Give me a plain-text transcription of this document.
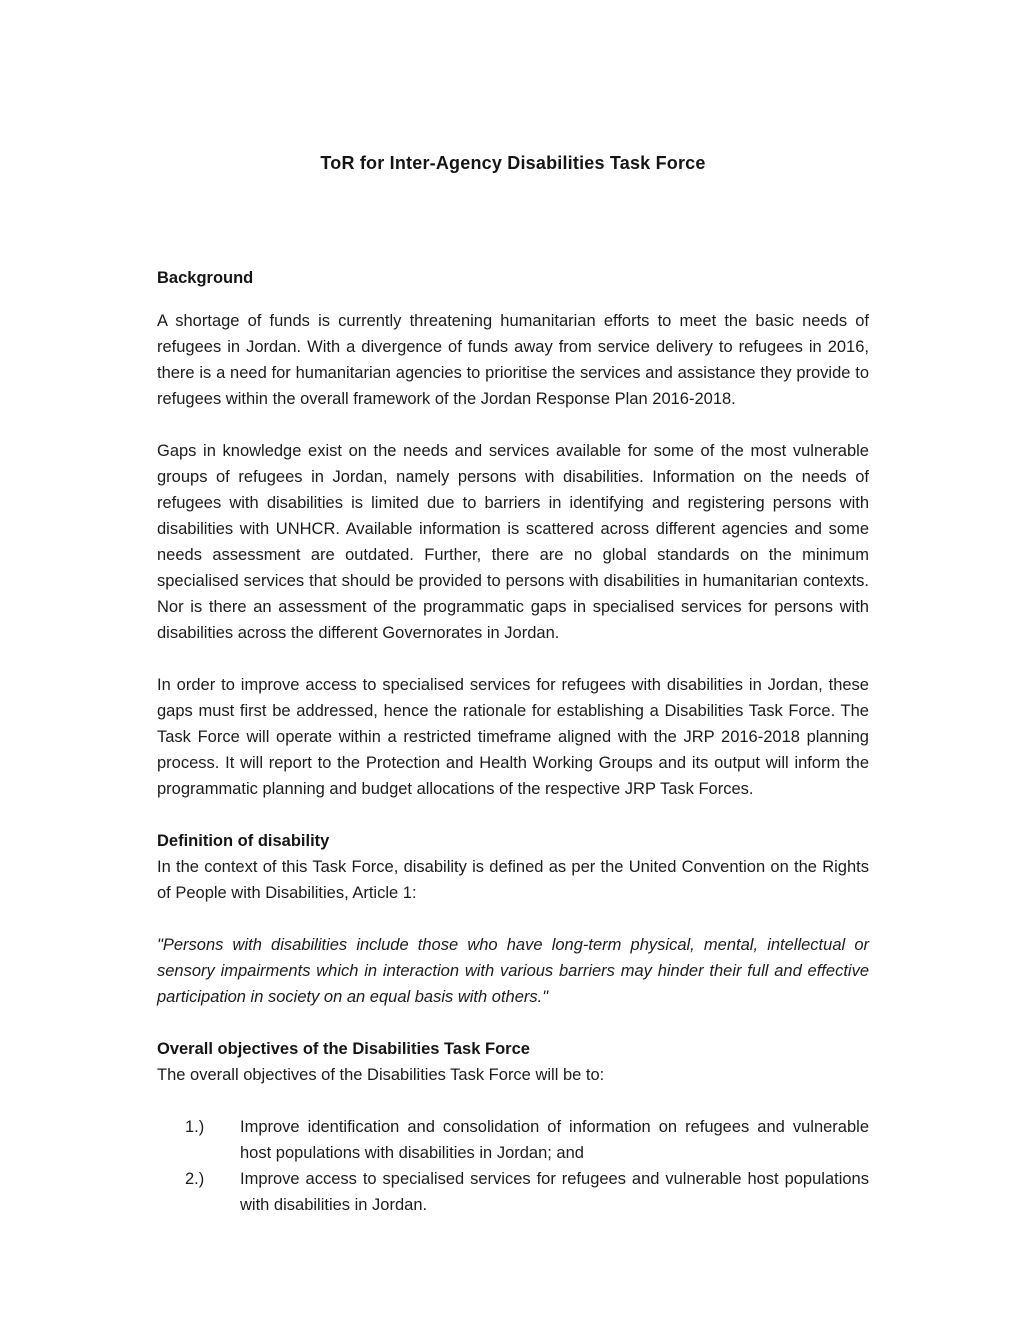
ToR for Inter-Agency Disabilities Task Force
Background

A shortage of funds is currently threatening humanitarian efforts to meet the basic needs of refugees in Jordan. With a divergence of funds away from service delivery to refugees in 2016, there is a need for humanitarian agencies to prioritise the services and assistance they provide to refugees within the overall framework of the Jordan Response Plan 2016-2018.

Gaps in knowledge exist on the needs and services available for some of the most vulnerable groups of refugees in Jordan, namely persons with disabilities. Information on the needs of refugees with disabilities is limited due to barriers in identifying and registering persons with disabilities with UNHCR. Available information is scattered across different agencies and some needs assessment are outdated. Further, there are no global standards on the minimum specialised services that should be provided to persons with disabilities in humanitarian contexts. Nor is there an assessment of the programmatic gaps in specialised services for persons with disabilities across the different Governorates in Jordan.

In order to improve access to specialised services for refugees with disabilities in Jordan, these gaps must first be addressed, hence the rationale for establishing a Disabilities Task Force. The Task Force will operate within a restricted timeframe aligned with the JRP 2016-2018 planning process. It will report to the Protection and Health Working Groups and its output will inform the programmatic planning and budget allocations of the respective JRP Task Forces.

Definition of disability

In the context of this Task Force, disability is defined as per the United Convention on the Rights of People with Disabilities, Article 1:

"Persons with disabilities include those who have long-term physical, mental, intellectual or sensory impairments which in interaction with various barriers may hinder their full and effective participation in society on an equal basis with others."

Overall objectives of the Disabilities Task Force

The overall objectives of the Disabilities Task Force will be to:

1.)	Improve identification and consolidation of information on refugees and vulnerable host populations with disabilities in Jordan; and
2.)	Improve access to specialised services for refugees and vulnerable host populations with disabilities in Jordan.
